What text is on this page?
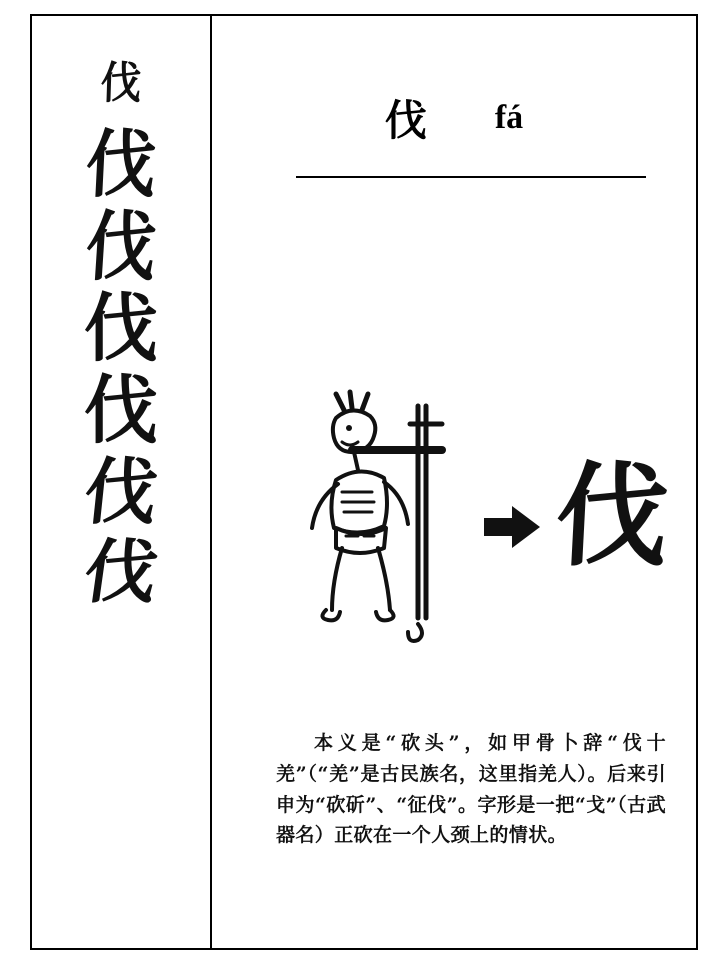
伐
伐
伐
伐
伐
伐
伐
伐 fá
伐
本义是“砍头”，如甲骨卜辞“伐十羌”（“羌”是古民族名，这里指羌人）。后来引申为“砍斫”、“征伐”。字形是一把“戈”（古武器名）正砍在一个人颈上的情状。
